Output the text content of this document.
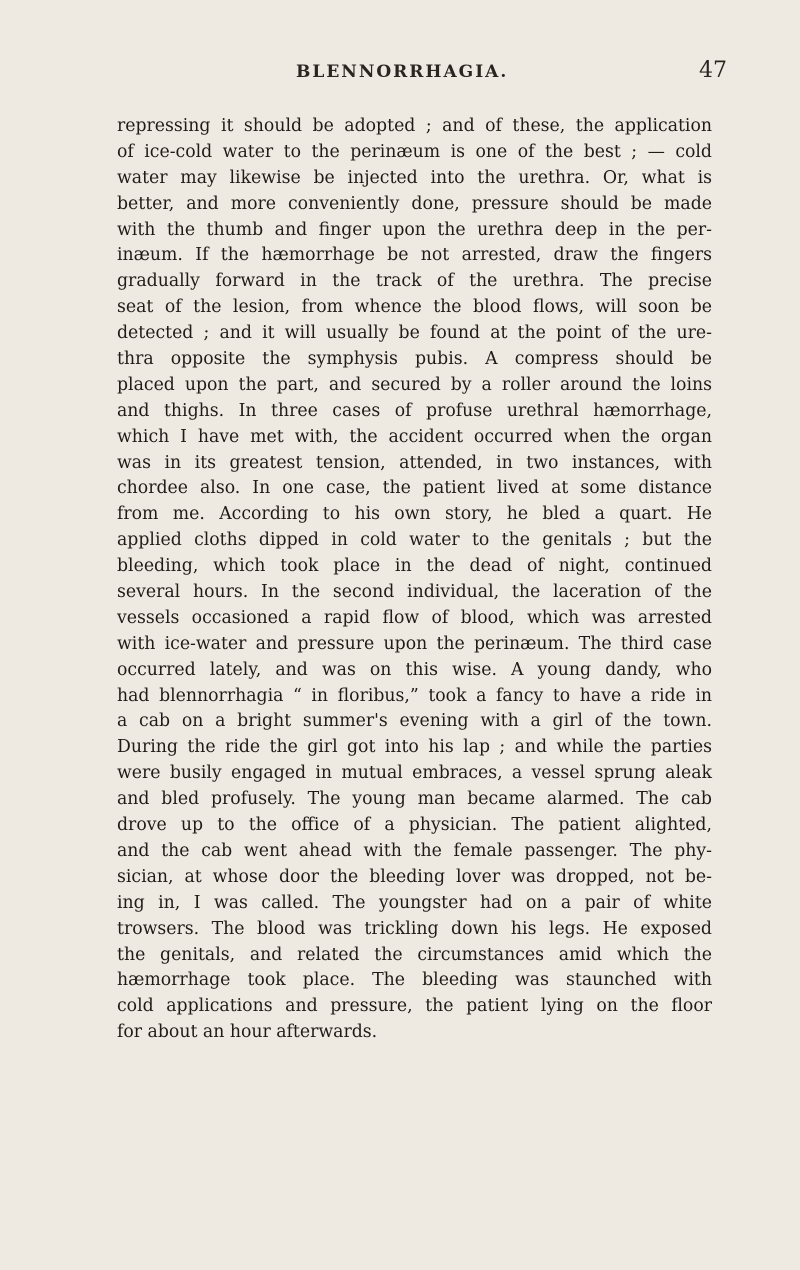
BLENNORRHAGIA.	47
repressing it should be adopted ; and of these, the application
of ice-cold water to the perinæum is one of the best ; — cold
water may likewise be injected into the urethra. Or, what is
better, and more conveniently done, pressure should be made
with the thumb and finger upon the urethra deep in the per-
inæum. If the hæmorrhage be not arrested, draw the fingers
gradually forward in the track of the urethra. The precise
seat of the lesion, from whence the blood flows, will soon be
detected ; and it will usually be found at the point of the ure-
thra opposite the symphysis pubis. A compress should be
placed upon the part, and secured by a roller around the loins
and thighs. In three cases of profuse urethral hæmorrhage,
which I have met with, the accident occurred when the organ
was in its greatest tension, attended, in two instances, with
chordee also. In one case, the patient lived at some distance
from me. According to his own story, he bled a quart. He
applied cloths dipped in cold water to the genitals ; but the
bleeding, which took place in the dead of night, continued
several hours. In the second individual, the laceration of the
vessels occasioned a rapid flow of blood, which was arrested
with ice-water and pressure upon the perinæum. The third case
occurred lately, and was on this wise. A young dandy, who
had blennorrhagia “ in floribus,” took a fancy to have a ride in
a cab on a bright summer's evening with a girl of the town.
During the ride the girl got into his lap ; and while the parties
were busily engaged in mutual embraces, a vessel sprung aleak
and bled profusely. The young man became alarmed. The cab
drove up to the office of a physician. The patient alighted,
and the cab went ahead with the female passenger. The phy-
sician, at whose door the bleeding lover was dropped, not be-
ing in, I was called. The youngster had on a pair of white
trowsers. The blood was trickling down his legs. He exposed
the genitals, and related the circumstances amid which the
hæmorrhage took place. The bleeding was staunched with
cold applications and pressure, the patient lying on the floor
for about an hour afterwards.
